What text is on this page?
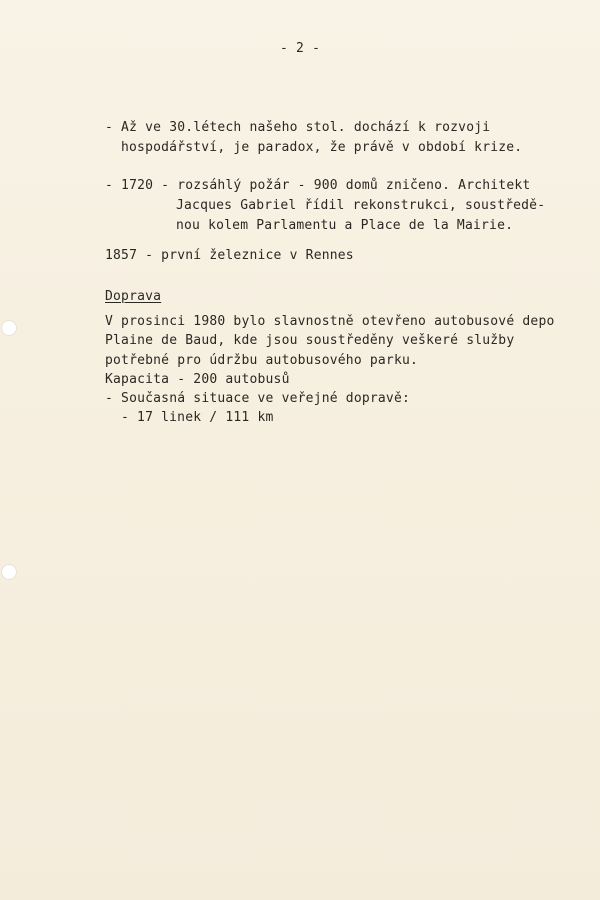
- 2 -
- Až ve 30.létech našeho stol. dochází k rozvoji
hospodářství, je paradox, že právě v období krize.
- 1720 - rozsáhlý požár - 900 domů zničeno. Architekt
Jacques Gabriel řídil rekonstrukci, soustředě-
nou kolem Parlamentu a Place de la Mairie.
1857 - první železnice v Rennes
Doprava
V prosinci 1980 bylo slavnostně otevřeno autobusové depo
Plaine de Baud, kde jsou soustředěny veškeré služby
potřebné pro údržbu autobusového parku.
Kapacita - 200 autobusů
- Současná situace ve veřejné dopravě:
- 17 linek / 111 km
